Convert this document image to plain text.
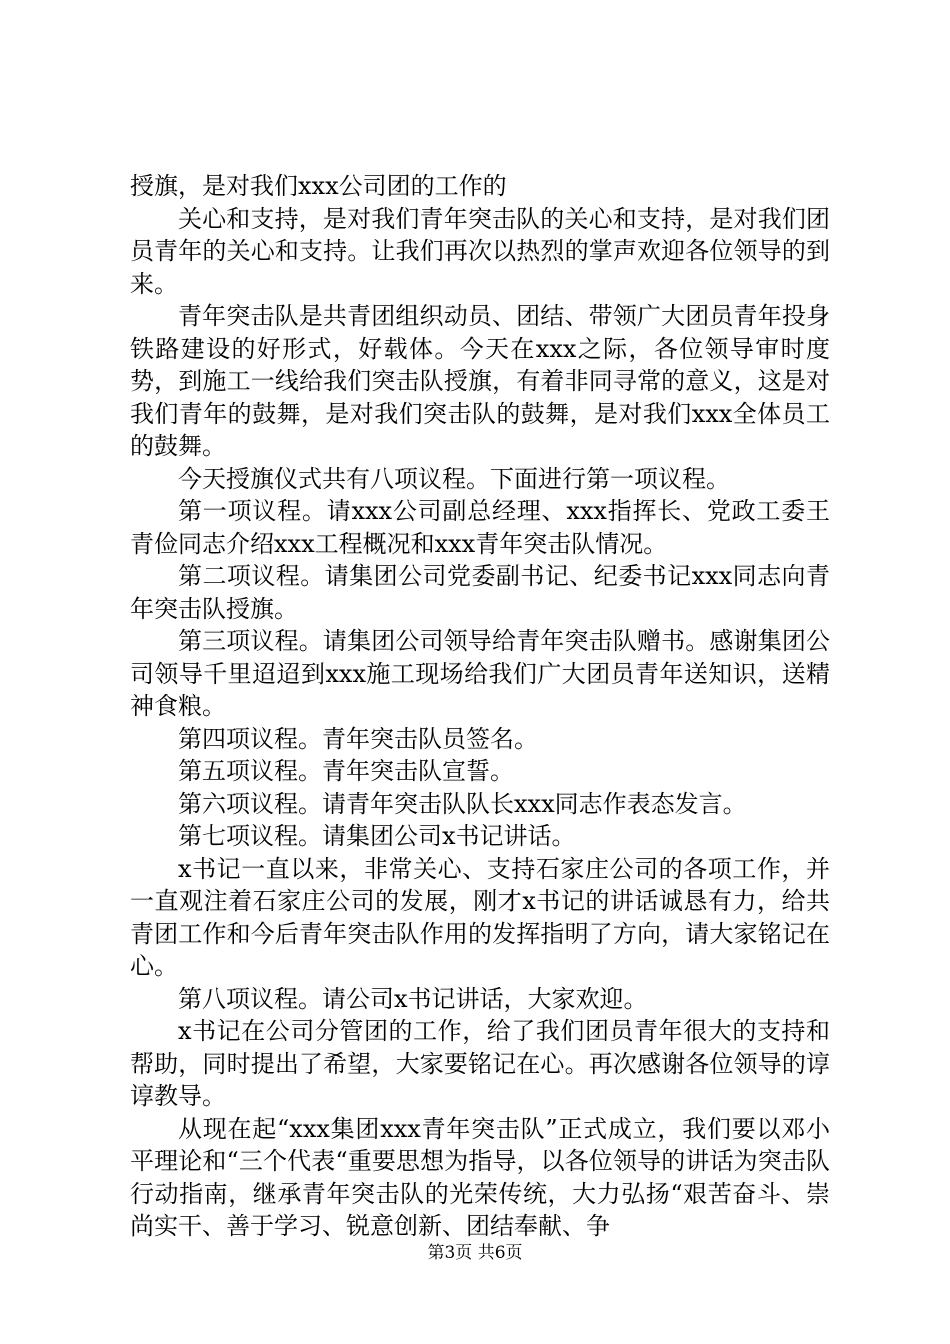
授旗，是对我们xxx公司团的工作的

关心和支持，是对我们青年突击队的关心和支持，是对我们团员青年的关心和支持。让我们再次以热烈的掌声欢迎各位领导的到来。

青年突击队是共青团组织动员、团结、带领广大团员青年投身铁路建设的好形式，好载体。今天在xxx之际，各位领导审时度势，到施工一线给我们突击队授旗，有着非同寻常的意义，这是对我们青年的鼓舞，是对我们突击队的鼓舞，是对我们xxx全体员工的鼓舞。

今天授旗仪式共有八项议程。下面进行第一项议程。

第一项议程。请xxx公司副总经理、xxx指挥长、党政工委王青俭同志介绍xxx工程概况和xxx青年突击队情况。

第二项议程。请集团公司党委副书记、纪委书记xxx同志向青年突击队授旗。

第三项议程。请集团公司领导给青年突击队赠书。感谢集团公司领导千里迢迢到xxx施工现场给我们广大团员青年送知识，送精神食粮。

第四项议程。青年突击队员签名。

第五项议程。青年突击队宣誓。

第六项议程。请青年突击队队长xxx同志作表态发言。

第七项议程。请集团公司x书记讲话。

x书记一直以来，非常关心、支持石家庄公司的各项工作，并一直观注着石家庄公司的发展，刚才x书记的讲话诚恳有力，给共青团工作和今后青年突击队作用的发挥指明了方向，请大家铭记在心。

第八项议程。请公司x书记讲话，大家欢迎。

x书记在公司分管团的工作，给了我们团员青年很大的支持和帮助，同时提出了希望，大家要铭记在心。再次感谢各位领导的谆谆教导。

从现在起“xxx集团xxx青年突击队”正式成立，我们要以邓小平理论和“三个代表“重要思想为指导，以各位领导的讲话为突击队行动指南，继承青年突击队的光荣传统，大力弘扬“艰苦奋斗、崇尚实干、善于学习、锐意创新、团结奉献、争

第3页 共6页
